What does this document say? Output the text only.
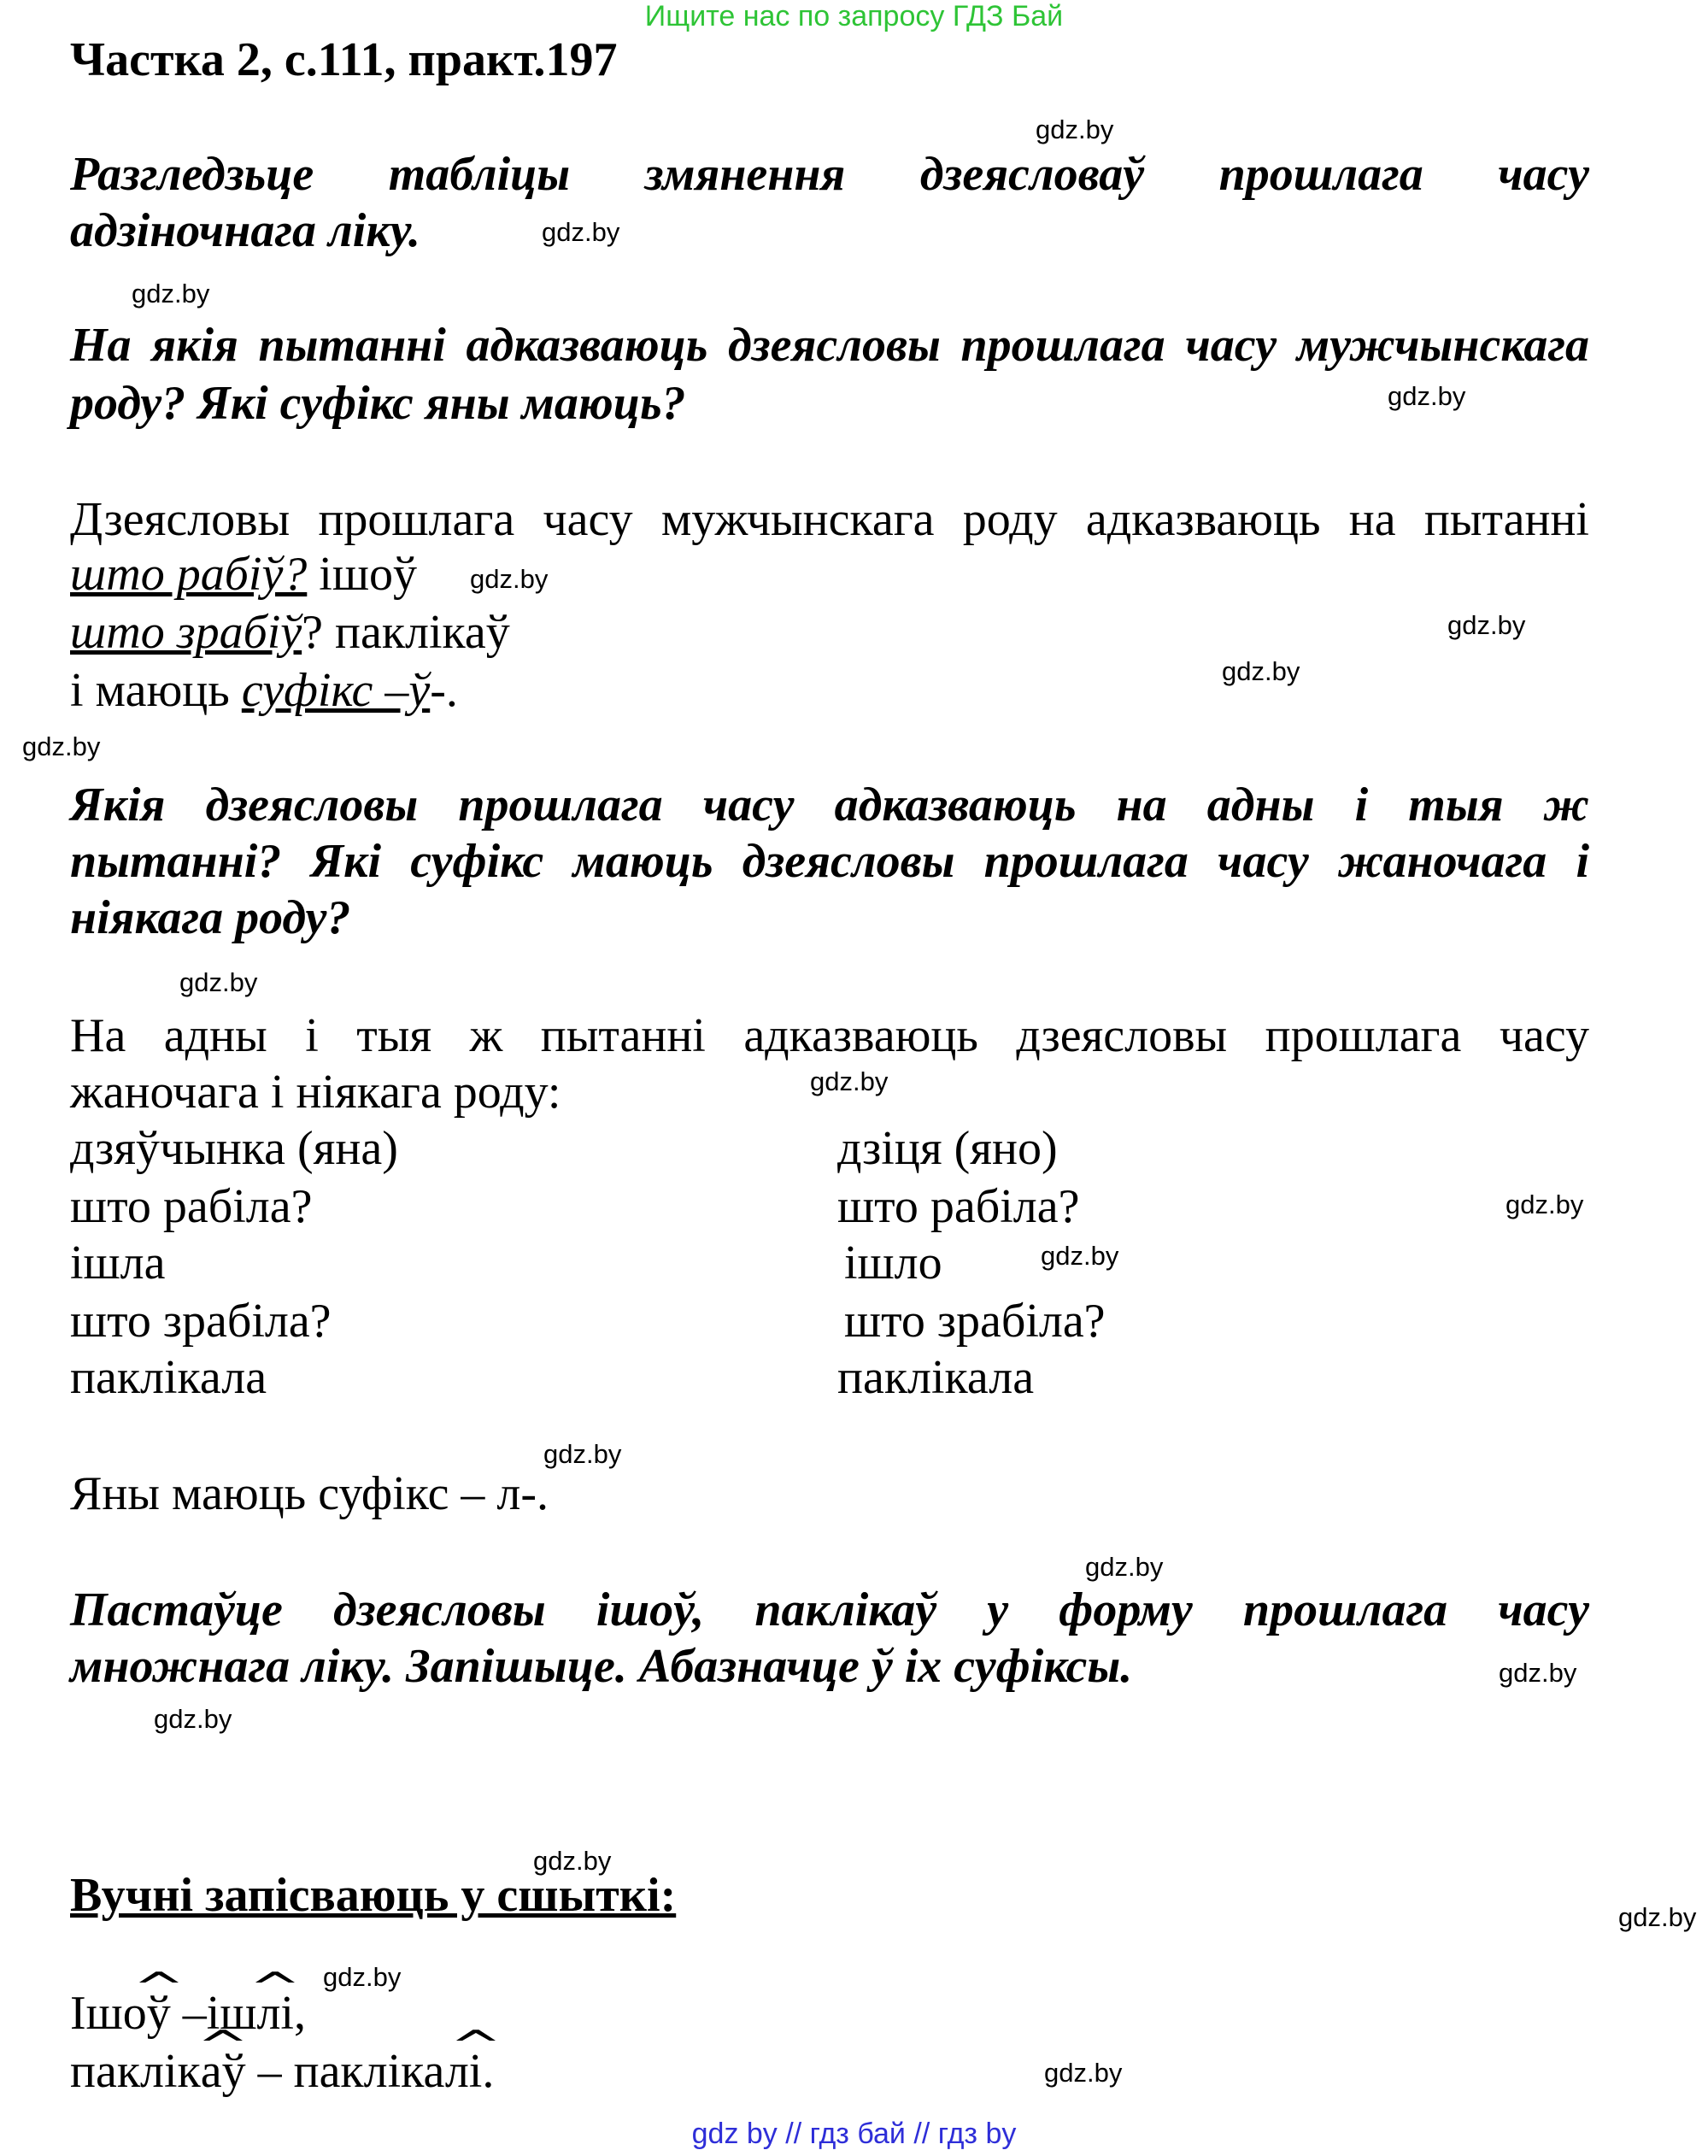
Ищите нас по запросу ГДЗ Бай
Частка 2, с.111, практ.197
Разгледзьце табліцы змянення дзеясловаў прошлага часу
адзіночнага ліку.
На якія пытанні адказваюць дзеясловы прошлага часу мужчынскага
роду? Які суфікс яны маюць?
Дзеясловы прошлага часу мужчынскага роду адказваюць на пытанні
што рабіў? ішоў
што зрабіў? паклікаў
і маюць суфікс –ў-.
Якія дзеясловы прошлага часу адказваюць на адны і тыя ж
пытанні? Які суфікс маюць дзеясловы прошлага часу жаночага і
ніякага роду?
На адны і тыя ж пытанні адказваюць дзеясловы прошлага часу
жаночага і ніякага роду:
дзяўчынка (яна)
што рабіла?
ішла
што зрабіла?
паклікала
дзіця (яно)
што рабіла?
ішло
што зрабіла?
паклікала
Яны маюць суфікс – л-.
Пастаўце дзеясловы ішоў, паклікаў у форму прошлага часу
множнага ліку. Запішыце. Абазначце ў іх суфіксы.
Вучні запісваюць у сшыткі:
Ішо^ ў –іш^ лі,
паклік^ аў – паклікал^ і.
gdz.by
gdz.by
gdz.by
gdz.by
gdz.by
gdz.by
gdz.by
gdz.by
gdz.by
gdz.by
gdz.by
gdz.by
gdz.by
gdz.by
gdz.by
gdz.by
gdz.by
gdz.by
gdz.by
gdz.by
gdz by // гдз бай // гдз by
